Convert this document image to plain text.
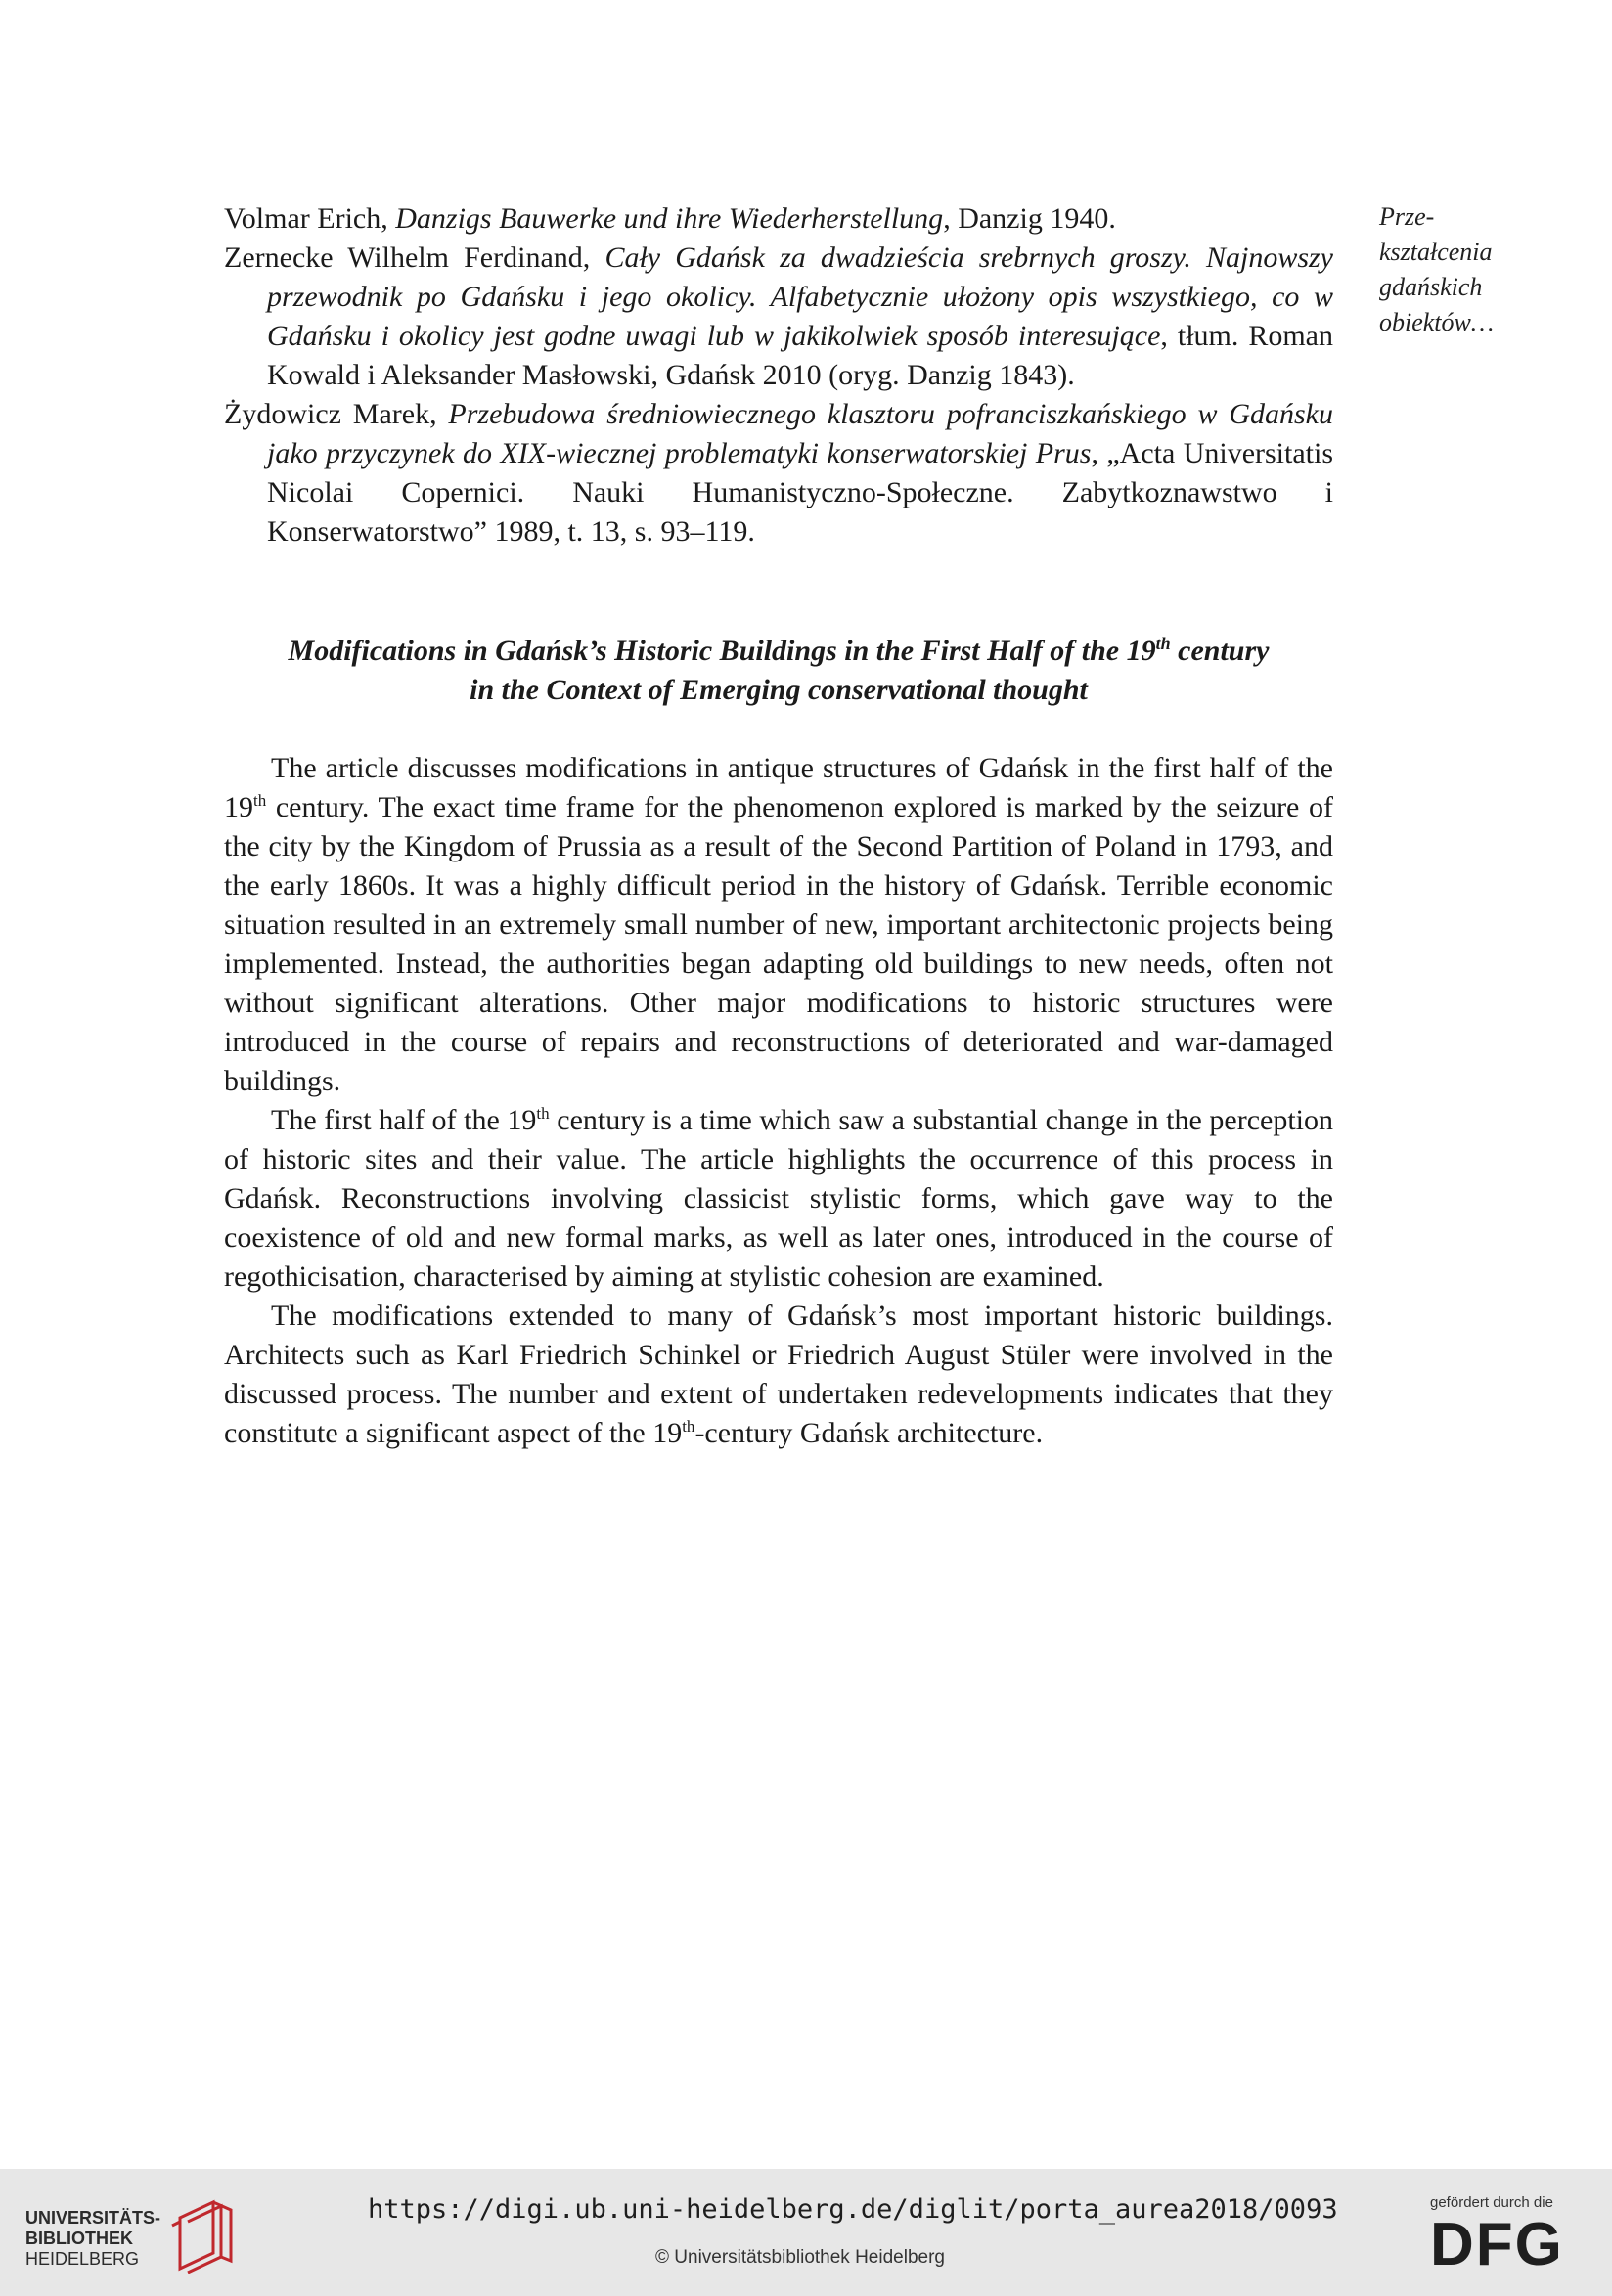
Volmar Erich, Danzigs Bauwerke und ihre Wiederherstellung, Danzig 1940.
Zernecke Wilhelm Ferdinand, Cały Gdańsk za dwadzieścia srebrnych groszy. Najnowszy przewodnik po Gdańsku i jego okolicy. Alfabetycznie ułożony opis wszystkiego, co w Gdańsku i okolicy jest godne uwagi lub w jakikolwiek sposób interesujące, tłum. Roman Kowald i Aleksander Masłowski, Gdańsk 2010 (oryg. Danzig 1843).
Żydowicz Marek, Przebudowa średniowiecznego klasztoru pofranciszkańskiego w Gdańsku jako przyczynek do XIX-wiecznej problematyki konserwatorskiej Prus, „Acta Universitatis Nicolai Copernici. Nauki Humanistyczno-Społeczne. Zabytkoznawstwo i Konserwatorstwo” 1989, t. 13, s. 93–119.
Prze-
kształcenia
gdańskich
obiektów…
Modifications in Gdańsk’s Historic Buildings in the First Half of the 19th century
in the Context of Emerging conservational thought

The article discusses modifications in antique structures of Gdańsk in the first half of the 19th century. The exact time frame for the phenomenon explored is marked by the seizure of the city by the Kingdom of Prussia as a result of the Second Partition of Poland in 1793, and the early 1860s. It was a highly difficult period in the history of Gdańsk. Terrible economic situation resulted in an extremely small number of new, important architectonic projects being implemented. Instead, the authorities began adapting old buildings to new needs, often not without significant alterations. Other major modifications to historic structures were introduced in the course of repairs and reconstructions of deteriorated and war-damaged buildings.

The first half of the 19th century is a time which saw a substantial change in the perception of historic sites and their value. The article highlights the occurrence of this process in Gdańsk. Reconstructions involving classicist stylistic forms, which gave way to the coexistence of old and new formal marks, as well as later ones, introduced in the course of regothicisation, characterised by aiming at stylistic cohesion are examined.

The modifications extended to many of Gdańsk’s most important historic buildings. Architects such as Karl Friedrich Schinkel or Friedrich August Stüler were involved in the discussed process. The number and extent of undertaken redevelopments indicates that they constitute a significant aspect of the 19th-century Gdańsk architecture.

UNIVERSITÄTS-
BIBLIOTHEK
HEIDELBERG
https://digi.ub.uni-heidelberg.de/diglit/porta_aurea2018/0093
© Universitätsbibliothek Heidelberg
gefördert durch die
DFG
